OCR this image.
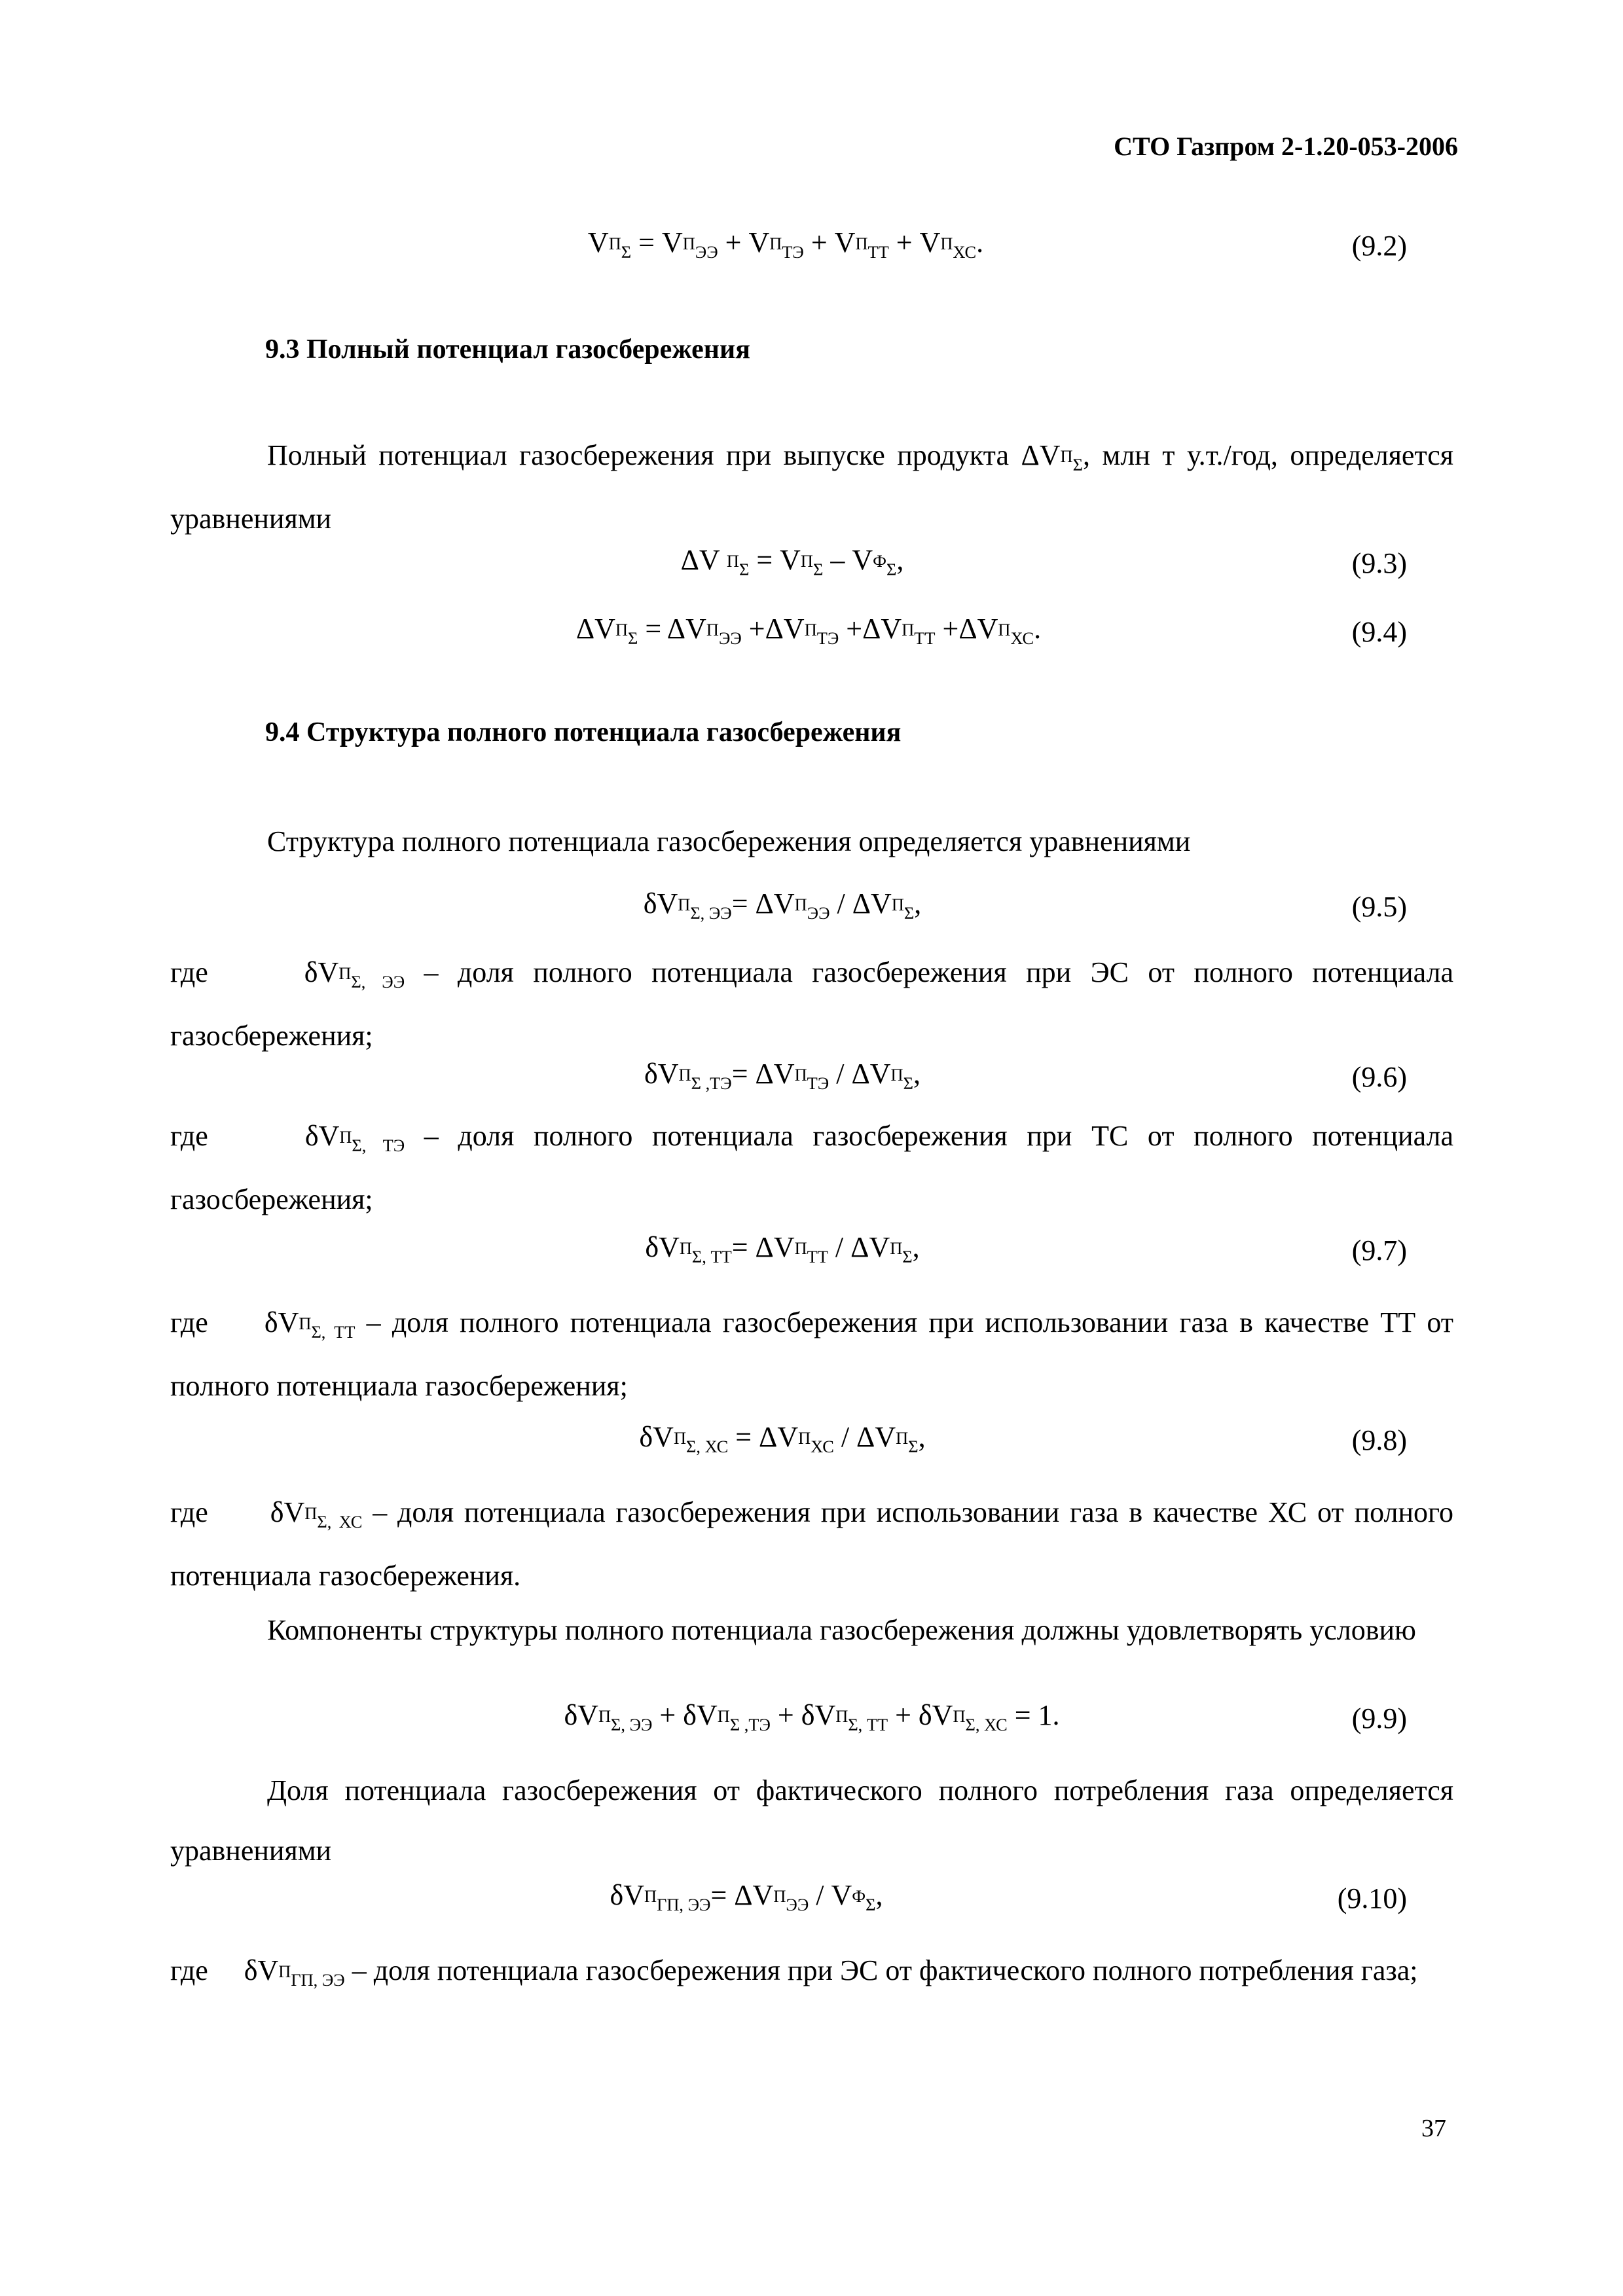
СТО Газпром 2-1.20-053-2006
$V^П_\Sigma = V^П_{ЭЭ} + V^П_{ТЭ} + V^П_{ТТ} + V^П_{ХС}$.	(9.2)
9.3 Полный потенциал газосбережения

Полный потенциал газосбережения при выпуске продукта $\Delta V^П_\Sigma$, млн т у.т./год, определяется уравнениями

ΔV $^П_\Sigma = V^П_\Sigma - V^Ф_\Sigma$,	(9.3)
$\Delta V^П_\Sigma = \Delta V^П_{ЭЭ} +\Delta V^П_{ТЭ} +\Delta V^П_{ТТ} +\Delta V^П_{ХС}$.	(9.4)
9.4 Структура полного потенциала газосбережения

Структура полного потенциала газосбережения определяется уравнениями

$\delta V^П_{\Sigma, ЭЭ}= \Delta V^П_{ЭЭ} / \Delta V^П_\Sigma$,	(9.5)

где     $\delta V^П_{\Sigma, ЭЭ}$ – доля полного потенциала газосбережения при ЭС от полного потенциала газосбережения;

$\delta V^П_{\Sigma ,ТЭ}= \Delta V^П_{ТЭ} / \Delta V^П_\Sigma$,	(9.6)

где     $\delta V^П_{\Sigma, ТЭ}$ – доля полного потенциала газосбережения при ТС от полного потенциала газосбережения;

$\delta V^П_{\Sigma, ТТ}= \Delta V^П_{ТТ} / \Delta V^П_\Sigma$,	(9.7)

где     $\delta V^П_{\Sigma, ТТ}$ – доля полного потенциала газосбережения при использовании газа в качестве ТТ от полного потенциала газосбережения;

$\delta V^П_{\Sigma, ХС} = \Delta V^П_{ХС} / \Delta V^П_\Sigma$,	(9.8)

где      $\delta V^П_{\Sigma, ХС}$ – доля потенциала газосбережения при использовании газа в качестве ХС от полного потенциала газосбережения.

Компоненты структуры полного потенциала газосбережения должны удовлетворять условию

$\delta V^П_{\Sigma, ЭЭ} + \delta V^П_{\Sigma ,ТЭ} + \delta V^П_{\Sigma, ТТ} + \delta V^П_{\Sigma, ХС} = 1$.	(9.9)

Доля потенциала газосбережения от фактического полного потребления газа определяется уравнениями

$\delta V^П_{ГП, ЭЭ}= \Delta V^П_{ЭЭ} / V^Ф_\Sigma$,	(9.10)

где     $\delta V^П_{ГП, ЭЭ}$ – доля потенциала газосбережения при ЭС от фактического полного потребления газа;

37
